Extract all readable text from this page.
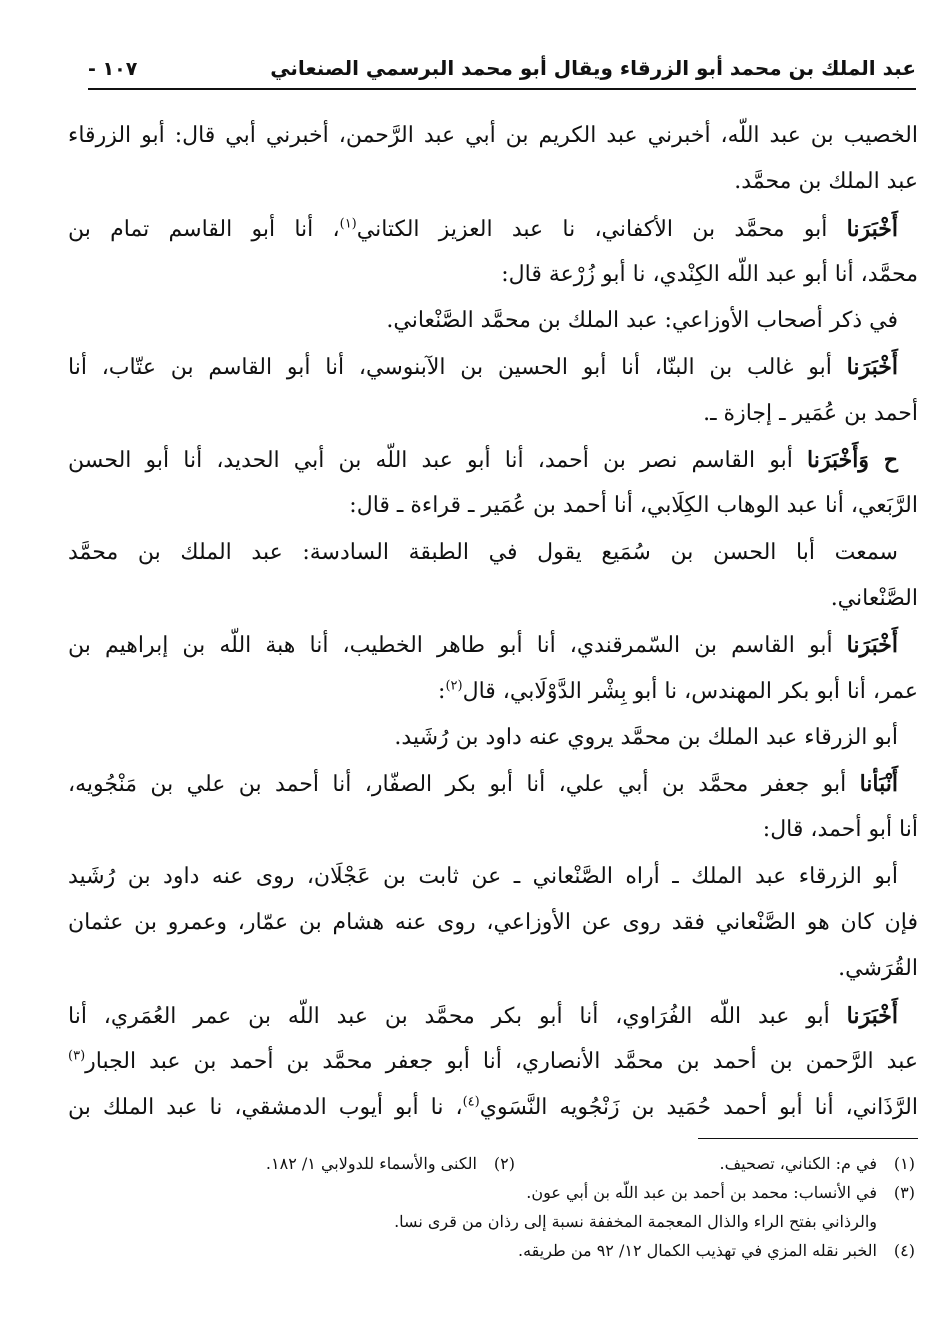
عبد الملك بن محمد أبو الزرقاء ويقال أبو محمد البرسمي الصنعاني
- ١٠٧
الخصيب بن عبد اللّه، أخبرني عبد الكريم بن أبي عبد الرَّحمن، أخبرني أبي قال: أبو الزرقاء
عبد الملك بن محمَّد.
أَخْبَرَنا أبو محمَّد بن الأكفاني، نا عبد العزيز الكتاني$^{(١)}$، أنا أبو القاسم تمام بن
محمَّد، أنا أبو عبد اللّه الكِنْدي، نا أبو زُرْعة قال:
في ذكر أصحاب الأوزاعي: عبد الملك بن محمَّد الصَّنْعاني.
أَخْبَرَنا أبو غالب بن البنّا، أنا أبو الحسين بن الآبنوسي، أنا أبو القاسم بن عتّاب، أنا
أحمد بن عُمَير ـ إجازة ـ.
ح وَأَخْبَرَنا أبو القاسم نصر بن أحمد، أنا أبو عبد اللّه بن أبي الحديد، أنا أبو الحسن
الرَّبَعي، أنا عبد الوهاب الكِلَابي، أنا أحمد بن عُمَير ـ قراءة ـ قال:
سمعت أبا الحسن بن سُمَيع يقول في الطبقة السادسة: عبد الملك بن محمَّد
الصَّنْعاني.
أَخْبَرَنا أبو القاسم بن السّمرقندي، أنا أبو طاهر الخطيب، أنا هبة اللّه بن إبراهيم بن
عمر، أنا أبو بكر المهندس، نا أبو بِشْر الدَّوْلَابي، قال$^{(٢)}$:
أبو الزرقاء عبد الملك بن محمَّد يروي عنه داود بن رُشَيد.
أَنْبَأنا أبو جعفر محمَّد بن أبي علي، أنا أبو بكر الصفّار، أنا أحمد بن علي بن مَنْجُويه،
أنا أبو أحمد، قال:
أبو الزرقاء عبد الملك ـ أراه الصَّنْعاني ـ عن ثابت بن عَجْلَان، روى عنه داود بن رُشَيد
فإن كان هو الصَّنْعاني فقد روى عن الأوزاعي، روى عنه هشام بن عمّار، وعمرو بن عثمان
القُرَشي.
أَخْبَرَنا أبو عبد اللّه الفُرَاوي، أنا أبو بكر محمَّد بن عبد اللّه بن عمر العُمَري، أنا
عبد الرَّحمن بن أحمد بن محمَّد الأنصاري، أنا أبو جعفر محمَّد بن أحمد بن عبد الجبار$^{(٣)}$
الرَّذَاني، أنا أبو أحمد حُمَيد بن زَنْجُويه النَّسَوي$^{(٤)}$، نا أبو أيوب الدمشقي، نا عبد الملك بن
(١)في م: الكناني، تصحيف.
(٢)الكنى والأسماء للدولابي ١/ ١٨٢.
(٣)في الأنساب: محمد بن أحمد بن عبد اللّه بن أبي عون.
والرذاني بفتح الراء والذال المعجمة المخففة نسبة إلى رذان من قرى نسا.
(٤)الخبر نقله المزي في تهذيب الكمال ١٢/ ٩٢ من طريقه.
